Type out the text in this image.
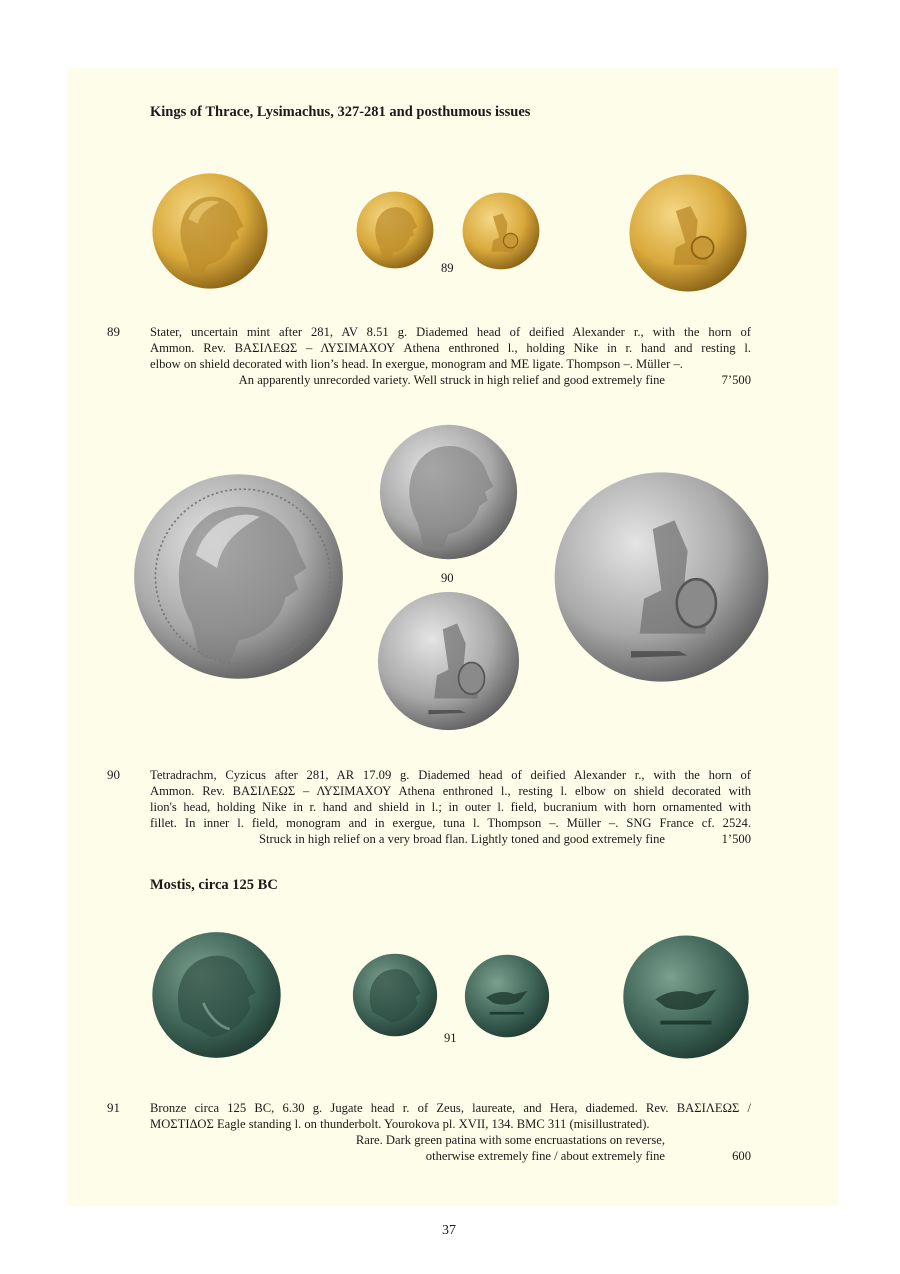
Kings of Thrace, Lysimachus, 327-281 and posthumous issues
89
89 Stater, uncertain mint after 281, AV 8.51 g. Diademed head of deified Alexander r., with the horn of

Ammon. Rev. ΒΑΣΙΛΕΩΣ – ΛΥΣΙΜΑΧΟΥ Athena enthroned l., holding Nike in r. hand and resting l.

elbow on shield decorated with lion’s head. In exergue, monogram and ME ligate. Thompson –. Müller –.

An apparently unrecorded variety. Well struck in high relief and good extremely fine	7’500
90
90 Tetradrachm, Cyzicus after 281, AR 17.09 g. Diademed head of deified Alexander r., with the horn of

Ammon. Rev. ΒΑΣΙΛΕΩΣ – ΛΥΣΙΜΑΧΟΥ Athena enthroned l., resting l. elbow on shield decorated with

lion's head, holding Nike in r. hand and shield in l.; in outer l. field, bucranium with horn ornamented with

fillet. In inner l. field, monogram and in exergue, tuna l. Thompson –. Müller –. SNG France cf. 2524.

Struck in high relief on a very broad flan. Lightly toned and good extremely fine	1’500
Mostis, circa 125 BC
91
91 Bronze circa 125 BC, 6.30 g. Jugate head r. of Zeus, laureate, and Hera, diademed. Rev. ΒΑΣΙΛΕΩΣ /

ΜΟΣΤΙΔΟΣ Eagle standing l. on thunderbolt. Yourokova pl. XVII, 134. BMC 311 (misillustrated).

Rare. Dark green patina with some encruastations on reverse,
otherwise extremely fine / about extremely fine	600
37
